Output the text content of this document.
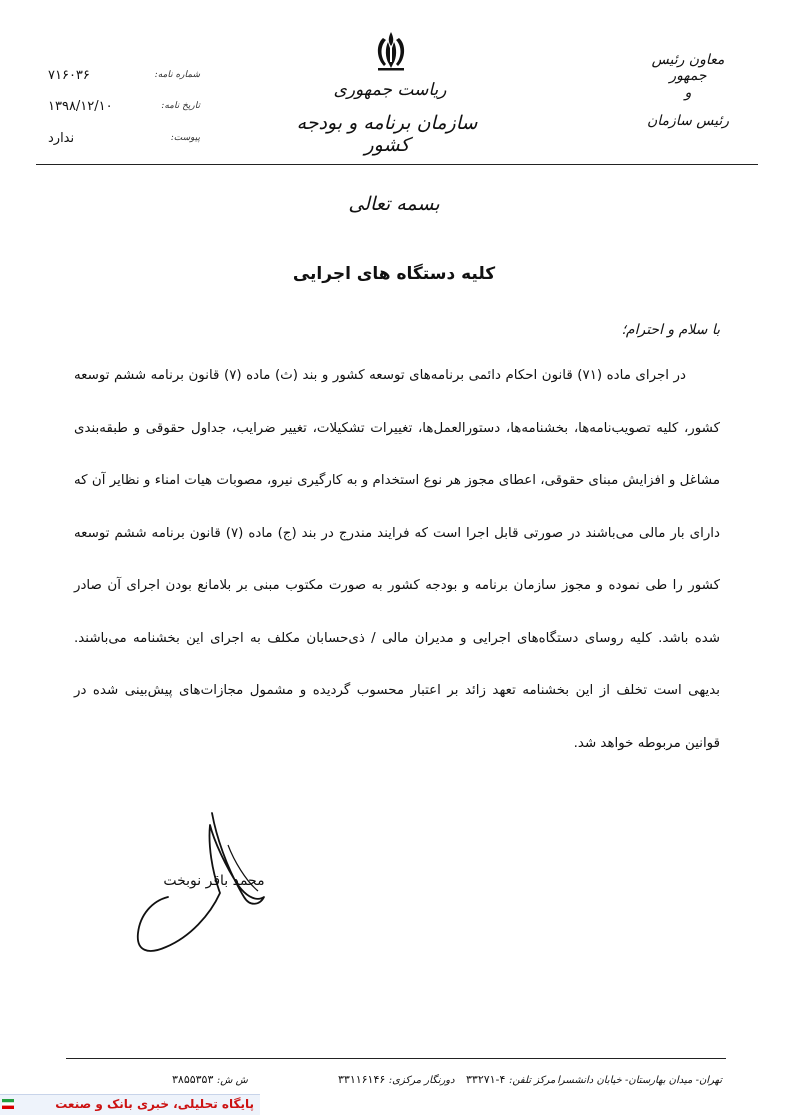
شماره نامه:
۷۱۶۰۳۶
تاریخ نامه:
۱۳۹۸/۱۲/۱۰
پیوست:
ندارد
ریاست جمهوری
سازمان برنامه و بودجه کشور
معاون رئیس جمهور
و
رئیس سازمان
بسمه تعالی
کلیه دستگاه های اجرایی
با سلام و احترام؛
در اجرای ماده (۷۱) قانون احکام دائمی برنامه‌های توسعه کشور و بند (ث) ماده (۷) قانون برنامه ششم توسعه کشور، کلیه تصویب‌نامه‌ها، بخشنامه‌ها، دستورالعمل‌ها، تغییرات تشکیلات، تغییر ضرایب، جداول حقوقی و طبقه‌بندی مشاغل و افزایش مبنای حقوقی، اعطای مجوز هر نوع استخدام و به کارگیری نیرو، مصوبات هیات امناء و نظایر آن که دارای بار مالی می‌باشند در صورتی قابل اجرا است که فرایند مندرج در بند (ج) ماده (۷) قانون برنامه ششم توسعه کشور را طی نموده و مجوز سازمان برنامه و بودجه کشور به صورت مکتوب مبنی بر بلامانع بودن اجرای آن صادر شده باشد. کلیه روسای دستگاه‌های اجرایی و مدیران مالی / ذی‌حسابان مکلف به اجرای این بخشنامه می‌باشند. بدیهی است تخلف از این بخشنامه تعهد زائد بر اعتبار محسوب گردیده و مشمول مجازات‌های پیش‌بینی شده در قوانین مربوطه خواهد شد.
محمد باقر نوبخت
تهران- میدان بهارستان- خیابان دانشسرا
مرکز تلفن: ۴-۳۳۲۷۱
دورنگار مرکزی: ۳۳۱۱۶۱۴۶
ش ش: ۳۸۵۵۳۵۳
پایگاه تحلیلی، خبری بانک و صنعت
